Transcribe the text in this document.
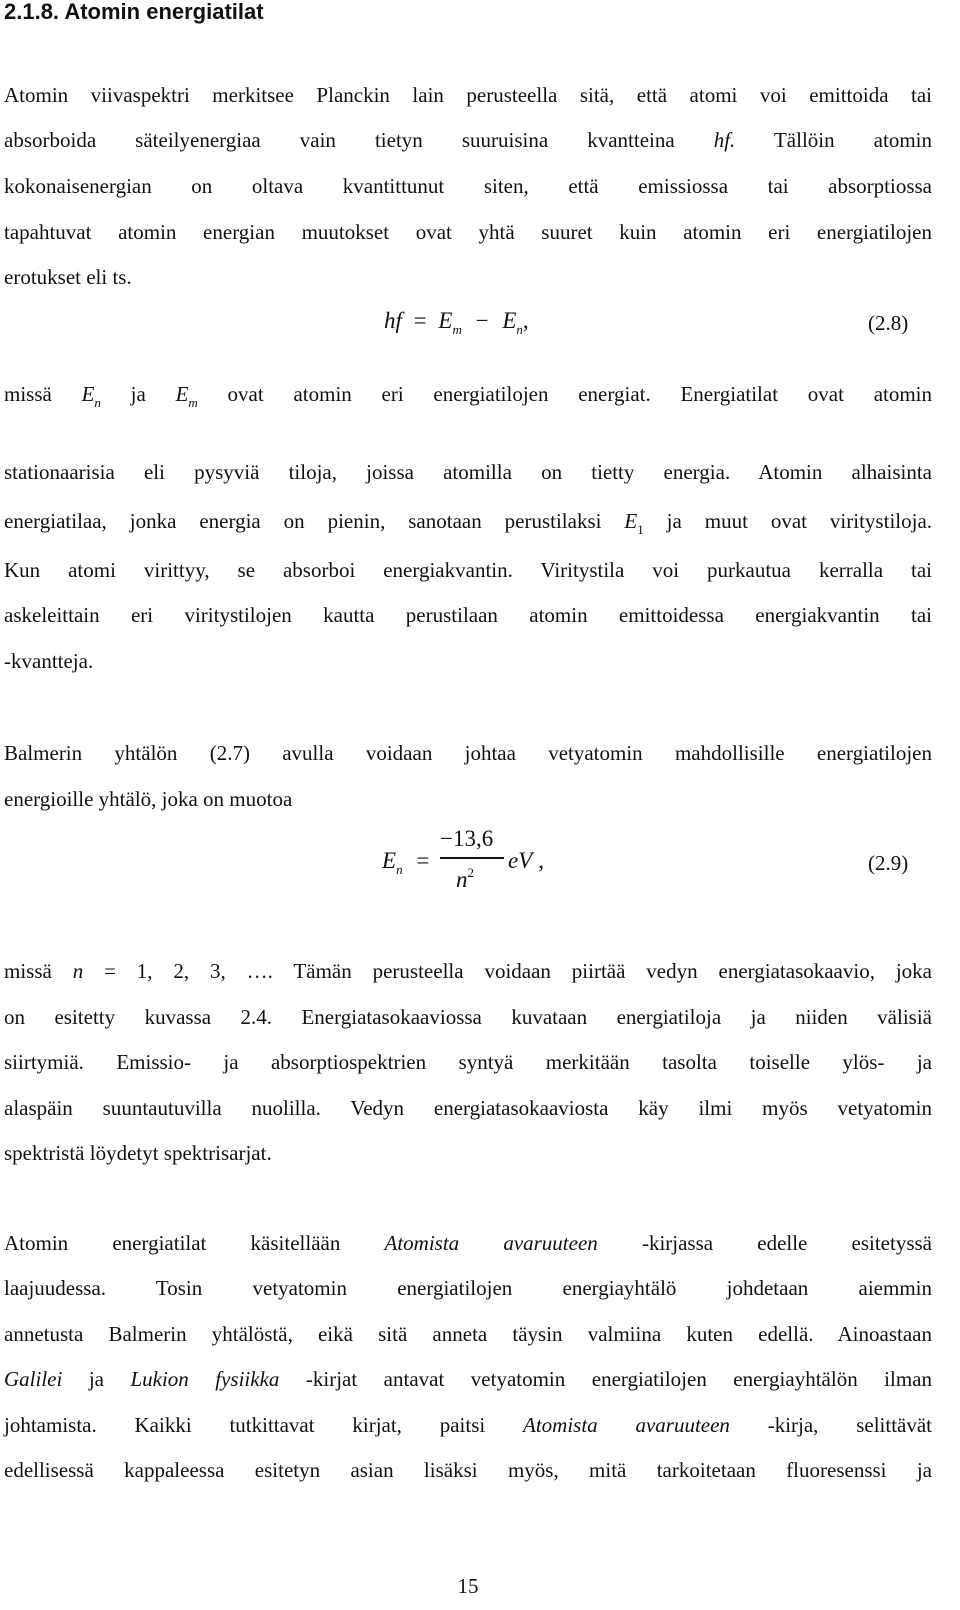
2.1.8. Atomin energiatilat

Atomin viivaspektri merkitsee Planckin lain perusteella sitä, että atomi voi emittoida tai

absorboida säteilyenergiaa vain tietyn suuruisina kvantteina hf. Tällöin atomin

kokonaisenergian on oltava kvantittunut siten, että emissiossa tai absorptiossa

tapahtuvat atomin energian muutokset ovat yhtä suuret kuin atomin eri energiatilojen

erotukset eli ts.

hf = $E_m - E_n$,	(2.8)

missä $E_n$ ja $E_m$ ovat atomin eri energiatilojen energiat. Energiatilat ovat atomin

stationaarisia eli pysyviä tiloja, joissa atomilla on tietty energia. Atomin alhaisinta

energiatilaa, jonka energia on pienin, sanotaan perustilaksi $E_1$ ja muut ovat viritystiloja.

Kun atomi virittyy, se absorboi energiakvantin. Viritystila voi purkautua kerralla tai

askeleittain eri viritystilojen kautta perustilaan atomin emittoidessa energiakvantin tai

-kvantteja.

Balmerin yhtälön (2.7) avulla voidaan johtaa vetyatomin mahdollisille energiatilojen

energioille yhtälö, joka on muotoa

$E_n$ =
−13,6
$n^2$ eV ,	(2.9)

missä n = 1, 2, 3, …. Tämän perusteella voidaan piirtää vedyn energiatasokaavio, joka

on esitetty kuvassa 2.4. Energiatasokaaviossa kuvataan energiatiloja ja niiden välisiä

siirtymiä. Emissio- ja absorptiospektrien syntyä merkitään tasolta toiselle ylös- ja

alaspäin suuntautuvilla nuolilla. Vedyn energiatasokaaviosta käy ilmi myös vetyatomin

spektristä löydetyt spektrisarjat.

Atomin energiatilat käsitellään Atomista avaruuteen -kirjassa edelle esitetyssä

laajuudessa. Tosin vetyatomin energiatilojen energiayhtälö johdetaan aiemmin

annetusta Balmerin yhtälöstä, eikä sitä anneta täysin valmiina kuten edellä. Ainoastaan

Galilei ja Lukion fysiikka -kirjat antavat vetyatomin energiatilojen energiayhtälön ilman

johtamista. Kaikki tutkittavat kirjat, paitsi Atomista avaruuteen -kirja, selittävät

edellisessä kappaleessa esitetyn asian lisäksi myös, mitä tarkoitetaan fluoresenssi ja

15
